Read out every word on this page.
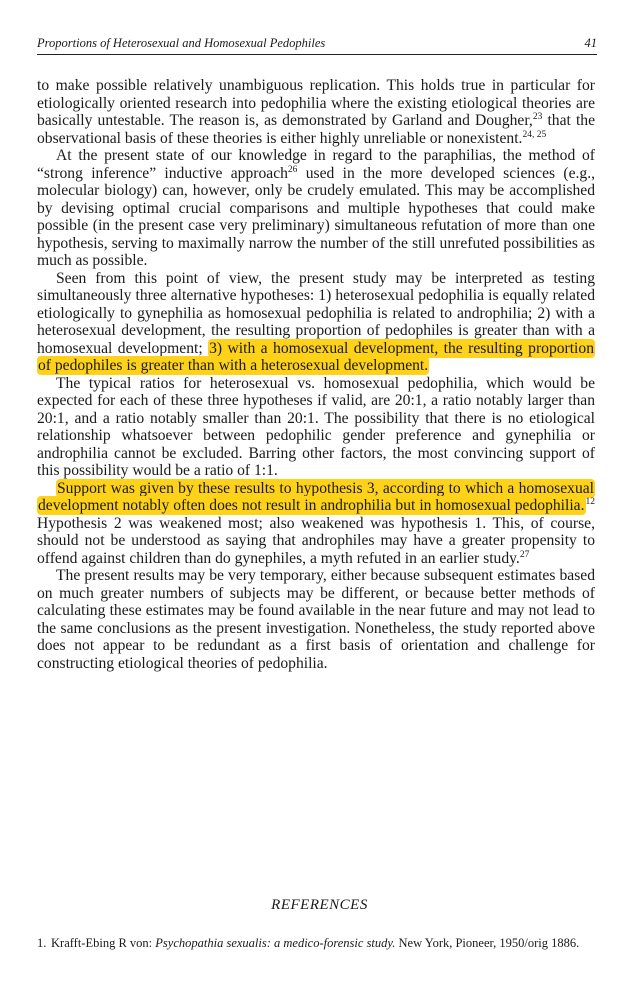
Proportions of Heterosexual and Homosexual Pedophiles	41

to make possible relatively unambiguous replication. This holds true in particular for etiologically oriented research into pedophilia where the existing etiological theories are basically untestable. The reason is, as demonstrated by Garland and Dougher,$^{23}$ that the observational basis of these theories is either highly unreliable or nonexistent.$^{24, 25}$

At the present state of our knowledge in regard to the paraphilias, the method of “strong inference” inductive approach$^{26}$ used in the more developed sciences (e.g., molecular biology) can, however, only be crudely emulated. This may be accomplished by devising optimal crucial comparisons and multiple hypotheses that could make possible (in the present case very preliminary) simultaneous refutation of more than one hypothesis, serving to maximally narrow the number of the still unrefuted possibilities as much as possible.

Seen from this point of view, the present study may be interpreted as testing simultaneously three alternative hypotheses: 1) heterosexual pedophilia is equally related etiologically to gynephilia as homosexual pedophilia is related to androphilia; 2) with a heterosexual development, the resulting proportion of pedophiles is greater than with a homosexual development; 3) with a homosexual development, the resulting proportion of pedophiles is greater than with a heterosexual development.

The typical ratios for heterosexual vs. homosexual pedophilia, which would be expected for each of these three hypotheses if valid, are 20:1, a ratio notably larger than 20:1, and a ratio notably smaller than 20:1. The possibility that there is no etiological relationship whatsoever between pedophilic gender preference and gynephilia or androphilia cannot be excluded. Barring other factors, the most convincing support of this possibility would be a ratio of 1:1.

Support was given by these results to hypothesis 3, according to which a homosexual development notably often does not result in androphilia but in homosexual pedophilia.$^{12}$ Hypothesis 2 was weakened most; also weakened was hypothesis 1. This, of course, should not be understood as saying that androphiles may have a greater propensity to offend against children than do gynephiles, a myth refuted in an earlier study.$^{27}$

The present results may be very temporary, either because subsequent estimates based on much greater numbers of subjects may be different, or because better methods of calculating these estimates may be found available in the near future and may not lead to the same conclusions as the present investigation. Nonetheless, the study reported above does not appear to be redundant as a first basis of orientation and challenge for constructing etiological theories of pedophilia.

REFERENCES
1. Krafft-Ebing R von: Psychopathia sexualis: a medico-forensic study. New York, Pioneer, 1950/orig 1886.
